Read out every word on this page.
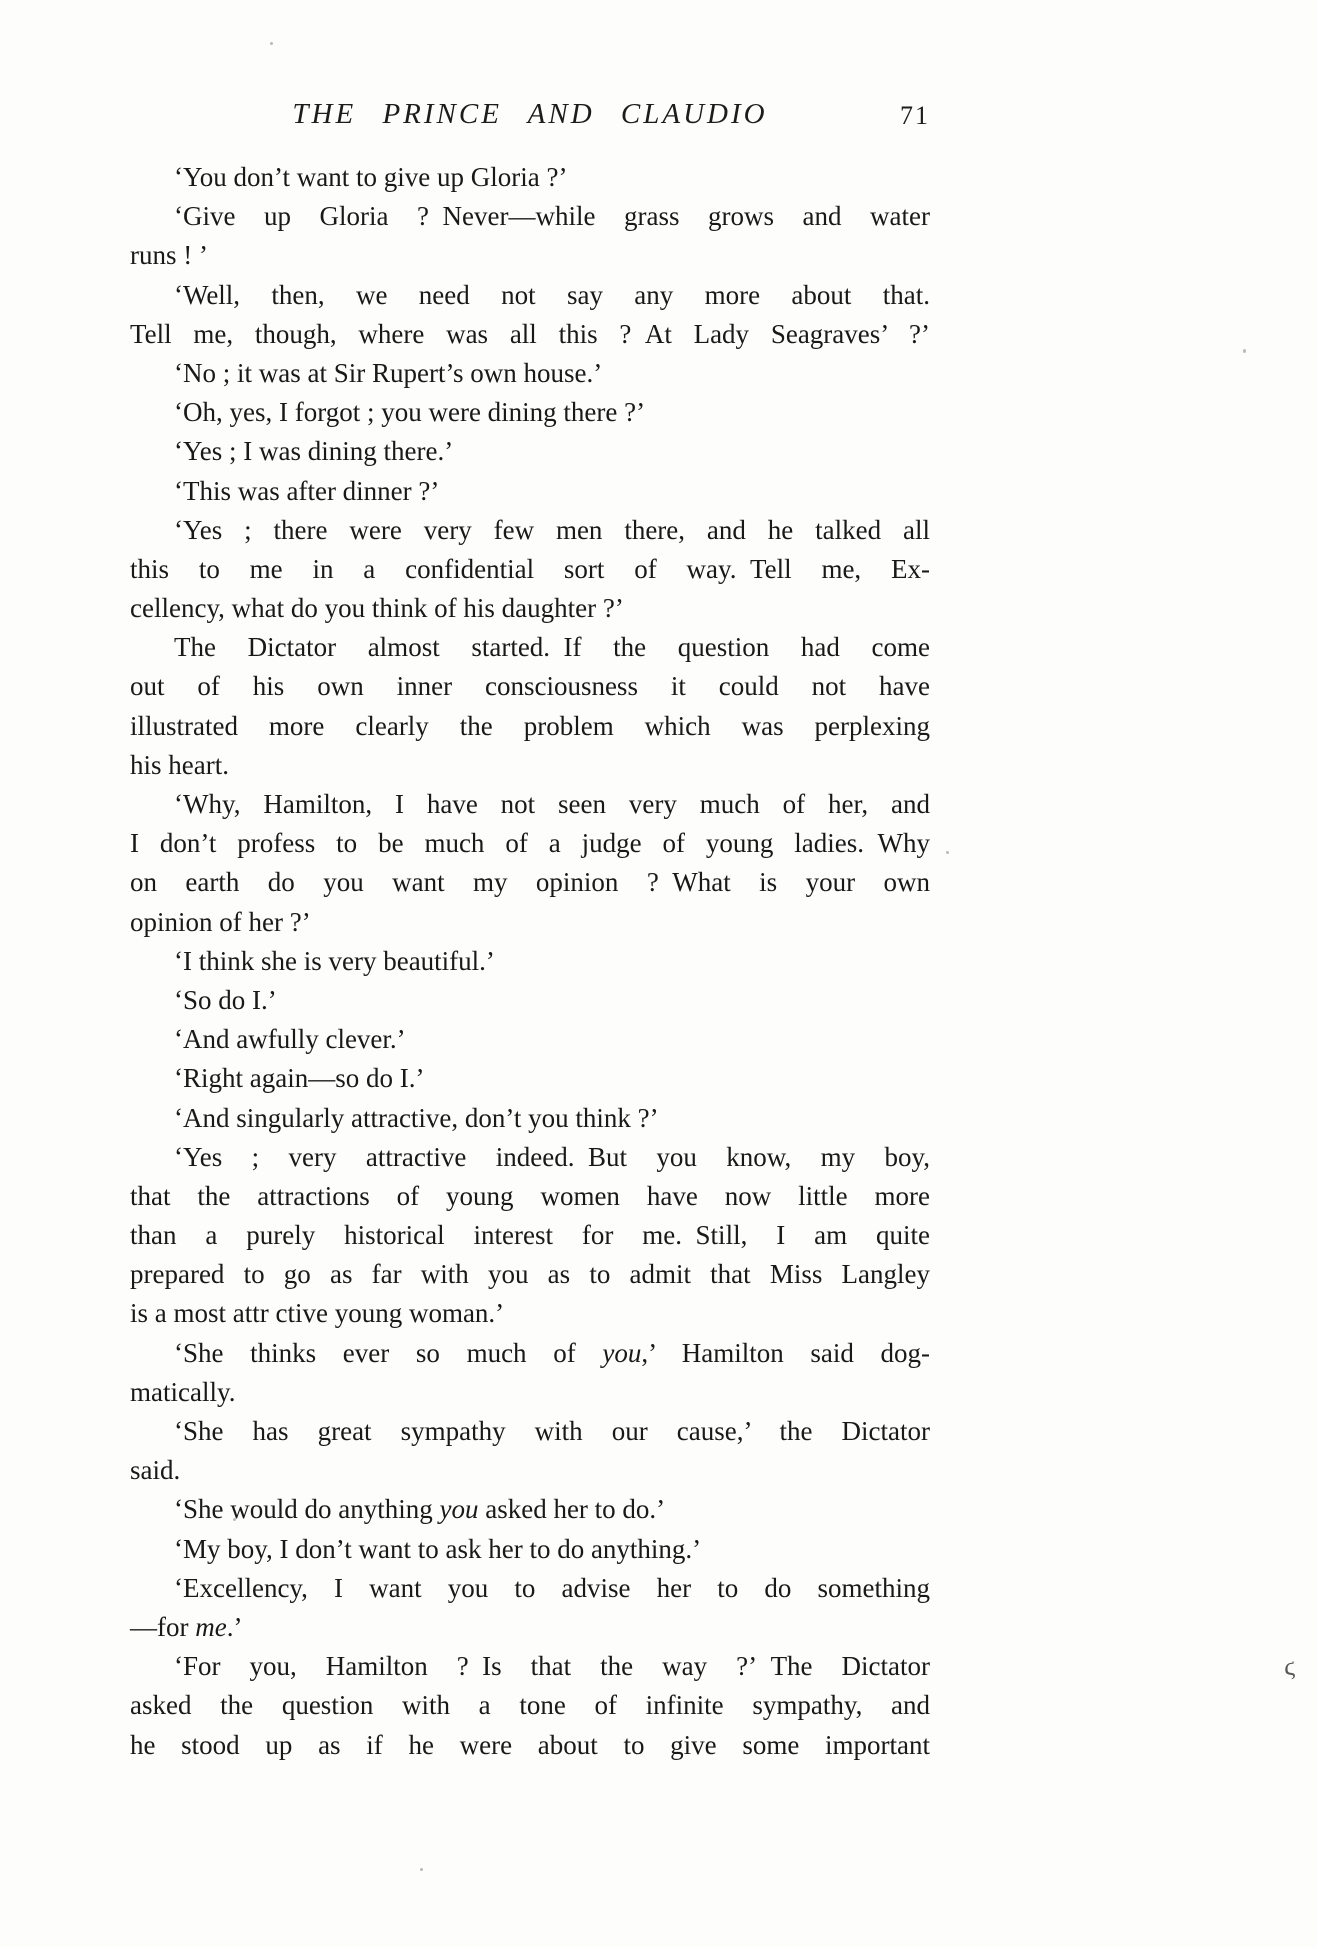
THE PRINCE AND CLAUDIO	71
‘You don’t want to give up Gloria ?’
‘Give up Gloria ? Never—while grass grows and water
runs ! ’
‘Well, then, we need not say any more about that.
Tell me, though, where was all this ? At Lady Seagraves’ ?’
‘No ; it was at Sir Rupert’s own house.’
‘Oh, yes, I forgot ; you were dining there ?’
‘Yes ; I was dining there.’
‘This was after dinner ?’
‘Yes ; there were very few men there, and he talked all
this to me in a confidential sort of way. Tell me, Ex-
cellency, what do you think of his daughter ?’
The Dictator almost started. If the question had come
out of his own inner consciousness it could not have
illustrated more clearly the problem which was perplexing
his heart.
‘Why, Hamilton, I have not seen very much of her, and
I don’t profess to be much of a judge of young ladies. Why
on earth do you want my opinion ? What is your own
opinion of her ?’
‘I think she is very beautiful.’
‘So do I.’
‘And awfully clever.’
‘Right again—so do I.’
‘And singularly attractive, don’t you think ?’
‘Yes ; very attractive indeed. But you know, my boy,
that the attractions of young women have now little more
than a purely historical interest for me. Still, I am quite
prepared to go as far with you as to admit that Miss Langley
is a most attr ctive young woman.’
‘She thinks ever so much of you,’ Hamilton said dog-
matically.
‘She has great sympathy with our cause,’ the Dictator
said.
‘She would do anything you asked her to do.’
‘My boy, I don’t want to ask her to do anything.’
‘Excellency, I want you to advise her to do something
—for me.’
‘For you, Hamilton ? Is that the way ?’ The Dictator
asked the question with a tone of infinite sympathy, and
he stood up as if he were about to give some important
ϛ
